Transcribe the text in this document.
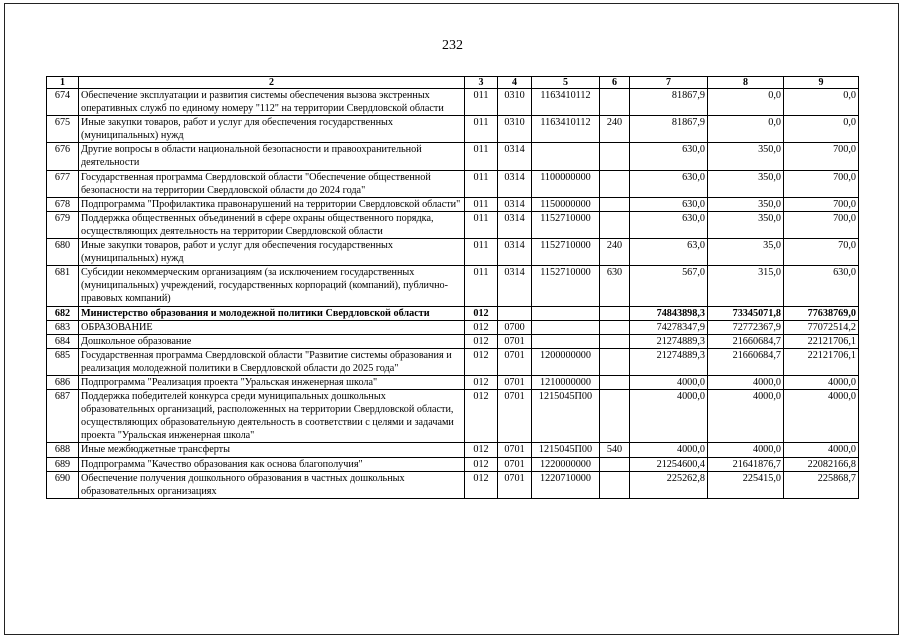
232
1	2	3	4	5	6	7	8	9
674	Обеспечение эксплуатации и развития системы обеспечения вызова экстренных оперативных служб по единому номеру "112" на территории Свердловской области	011	0310	1163410112		81867,9	0,0	0,0
675	Иные закупки товаров, работ и услуг для обеспечения государственных (муниципальных) нужд	011	0310	1163410112	240	81867,9	0,0	0,0
676	Другие вопросы в области национальной безопасности и правоохранительной деятельности	011	0314			630,0	350,0	700,0
677	Государственная программа Свердловской области "Обеспечение общественной безопасности на территории Свердловской области до 2024 года"	011	0314	1100000000		630,0	350,0	700,0
678	Подпрограмма "Профилактика правонарушений на территории Свердловской области"	011	0314	1150000000		630,0	350,0	700,0
679	Поддержка общественных объединений в сфере охраны общественного порядка, осуществляющих деятельность на территории Свердловской области	011	0314	1152710000		630,0	350,0	700,0
680	Иные закупки товаров, работ и услуг для обеспечения государственных (муниципальных) нужд	011	0314	1152710000	240	63,0	35,0	70,0
681	Субсидии некоммерческим организациям (за исключением государственных (муниципальных) учреждений, государственных корпораций (компаний), публично-правовых компаний)	011	0314	1152710000	630	567,0	315,0	630,0
682	Министерство образования и молодежной политики Свердловской области	012				74843898,3	73345071,8	77638769,0
683	ОБРАЗОВАНИЕ	012	0700			74278347,9	72772367,9	77072514,2
684	Дошкольное образование	012	0701			21274889,3	21660684,7	22121706,1
685	Государственная программа Свердловской области "Развитие системы образования и реализация молодежной политики в Свердловской области до 2025 года"	012	0701	1200000000		21274889,3	21660684,7	22121706,1
686	Подпрограмма "Реализация проекта "Уральская инженерная школа"	012	0701	1210000000		4000,0	4000,0	4000,0
687	Поддержка победителей конкурса среди муниципальных дошкольных образовательных организаций, расположенных на территории Свердловской области, осуществляющих образовательную деятельность в соответствии с целями и задачами проекта "Уральская инженерная школа"	012	0701	1215045П00		4000,0	4000,0	4000,0
688	Иные межбюджетные трансферты	012	0701	1215045П00	540	4000,0	4000,0	4000,0
689	Подпрограмма "Качество образования как основа благополучия"	012	0701	1220000000		21254600,4	21641876,7	22082166,8
690	Обеспечение получения дошкольного образования в частных дошкольных образовательных организациях	012	0701	1220710000		225262,8	225415,0	225868,7
